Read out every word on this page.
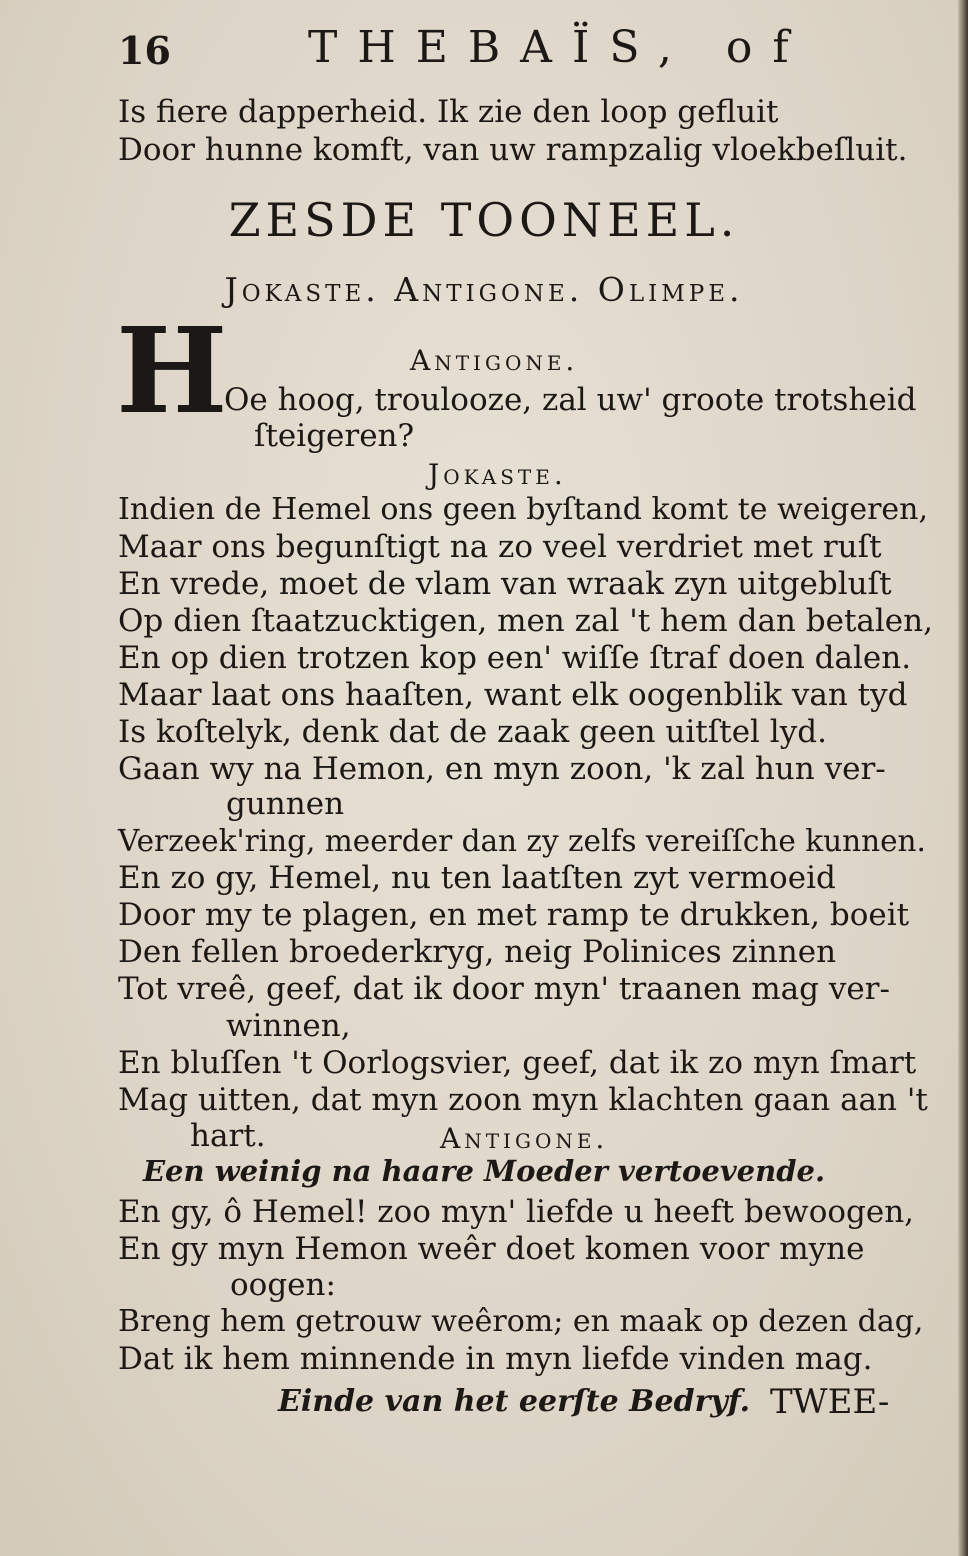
16	THEBAÏS, of
Is fiere dapperheid. Ik zie den loop gefluit
Door hunne komft, van uw rampzalig vloekbeſluit.
ZESDE TOONEEL.
Jokaste. Antigone. Olimpe.
H	Antigone.
Oe hoog, troulooze, zal uw' groote trotsheid
ſteigeren?
Jokaste.
Indien de Hemel ons geen byſtand komt te weigeren,
Maar ons begunſtigt na zo veel verdriet met ruſt
En vrede, moet de vlam van wraak zyn uitgebluſt
Op dien ſtaatzucktigen, men zal 't hem dan betalen,
En op dien trotzen kop een' wiſſe ſtraf doen dalen.
Maar laat ons haaſten, want elk oogenblik van tyd
Is koſtelyk, denk dat de zaak geen uitſtel lyd.
Gaan wy na Hemon, en myn zoon, 'k zal hun ver-
gunnen
Verzeek'ring, meerder dan zy zelfs vereiſſche kunnen.
En zo gy, Hemel, nu ten laatſten zyt vermoeid
Door my te plagen, en met ramp te drukken, boeit
Den fellen broederkryg, neig Polinices zinnen
Tot vreê, geef, dat ik door myn' traanen mag ver-
winnen,
En bluſſen 't Oorlogsvier, geef, dat ik zo myn ſmart
Mag uitten, dat myn zoon myn klachten gaan aan 't
hart.	Antigone.
Een weinig na haare Moeder vertoevende.
En gy, ô Hemel! zoo myn' liefde u heeft bewoogen,
En gy myn Hemon weêr doet komen voor myne
oogen:
Breng hem getrouw weêrom; en maak op dezen dag,
Dat ik hem minnende in myn liefde vinden mag.
Einde van het eerſte Bedryf. TWEE-
